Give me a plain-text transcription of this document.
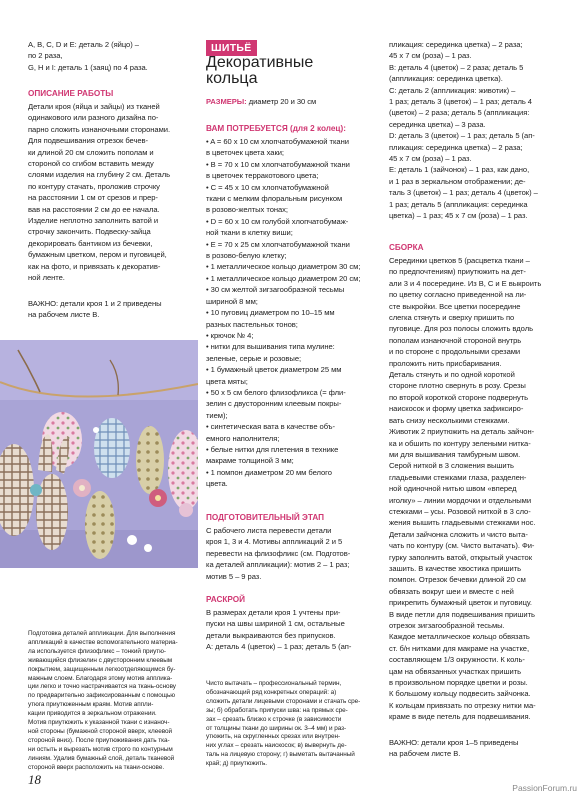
A, B, C, D и E: деталь 2 (яйцо) –
по 2 раза,
G, H и I: деталь 1 (заяц) по 4 раза.
ОПИСАНИЕ РАБОТЫ
Детали кроя (яйца и зайцы) из тканей
одинакового или разного дизайна по-
парно сложить изнаночными сторонами.
Для подвешивания отрезок бечев-
ки длиной 20 см сложить пополам и
стороной со сгибом вставить между
слоями изделия на глубину 2 см. Деталь
по контуру стачать, проложив строчку
на расстоянии 1 см от срезов и прер-
вав на расстоянии 2 см до ее начала.
Изделие неплотно заполнить ватой и
строчку закончить. Подвеску-зайца
декорировать бантиком из бечевки,
бумажным цветком, пером и пуговицей,
как на фото, и привязать к декоратив-
ной ленте.
ВАЖНО: детали кроя 1 и 2 приведены
на рабочем листе B.
Подготовка деталей аппликации. Для выполнения
аппликаций в качестве вспомогательного материа-
ла используется флизофликс – тонкий приутю-
живающийся флизелин с двусторонним клеевым
покрытием, защищенным легкоотделяющимся бу-
мажным слоем. Благодаря этому мотив апплика-
ции легко и точно настрачивается на ткань-основу
по предварительно зафиксированным с помощью
утюга приутюженным краям. Мотив аппли-
кации приводится в зеркальном отражении.
Мотив приутюжить к указанной ткани с изнаноч-
ной стороны (бумажной стороной вверх, клеевой
стороной вниз). После приутюживания дать тка-
ни остыть и вырезать мотив строго по контурным
линиям. Удалив бумажный слой, деталь тканевой
стороной вверх расположить на ткани-основе.
ШИТЬЁ
Декоративные
кольца
РАЗМЕРЫ: диаметр 20 и 30 см
ВАМ ПОТРЕБУЕТСЯ (для 2 колец):
• A = 60 x 10 см хлопчатобумажной ткани
в цветочек цвета хаки;
• B = 70 x 10 см хлопчатобумажной ткани
в цветочек терракотового цвета;
• C = 45 x 10 см хлопчатобумажной
ткани с мелким флоральным рисунком
в розово-желтых тонах;
• D = 60 x 10 см голубой хлопчатобумаж-
ной ткани в клетку виши;
• E = 70 x 25 см хлопчатобумажной ткани
в розово-белую клетку;
• 1 металлическое кольцо диаметром 30 см;
• 1 металлическое кольцо диаметром 20 см;
• 30 см желтой зигзагообразной тесьмы
шириной 8 мм;
• 10 пуговиц диаметром по 10–15 мм
разных пастельных тонов;
• крючок № 4;
• нитки для вышивания типа мулине:
зеленые, серые и розовые;
• 1 бумажный цветок диаметром 25 мм
цвета мяты;
• 50 x 5 см белого флизофликса (= фли-
зелин с двусторонним клеевым покры-
тием);
• синтетическая вата в качестве объ-
емного наполнителя;
• белые нитки для плетения в технике
макраме толщиной 3 мм;
• 1 помпон диаметром 20 мм белого
цвета.
ПОДГОТОВИТЕЛЬНЫЙ ЭТАП
С рабочего листа перевести детали
кроя 1, 3 и 4. Мотивы аппликаций 2 и 5
перевести на флизофликс (см. Подготов-
ка деталей аппликации): мотив 2 – 1 раз;
мотив 5 – 9 раз.
РАСКРОЙ
В размерах детали кроя 1 учтены при-
пуски на швы шириной 1 см, остальные
детали выкраиваются без припусков.
A: деталь 4 (цветок) – 1 раз; деталь 5 (ап-
Чисто вытачать – профессиональный термин,
обозначающий ряд конкретных операций: а)
сложить детали лицевыми сторонами и стачать сре-
зы; б) обработать припуски шва: на прямых сре-
зах – срезать близко к строчке (в зависимости
от толщины ткани до ширины ок. 3–4 мм) и раз-
утюжить, на скругленных срезах или внутрен-
них углах – срезать наискосок; в) вывернуть де-
таль на лицевую сторону; г) выметать вытачанный
край; д) приутюжить.
пликация: серединка цветка) – 2 раза;
45 x 7 см (роза) – 1 раз.
B: деталь 4 (цветок) – 2 раза; деталь 5
(аппликация: серединка цветка).
C: деталь 2 (аппликация: животик) –
1 раз; деталь 3 (цветок) – 1 раз; деталь 4
(цветок) – 2 раза; деталь 5 (аппликация:
серединка цветка) – 3 раза.
D: деталь 3 (цветок) – 1 раз; деталь 5 (ап-
пликация: серединка цветка) – 2 раза;
45 x 7 см (роза) – 1 раз.
E: деталь 1 (зайчонок) – 1 раз, как дано,
и 1 раз в зеркальном отображении; де-
таль 3 (цветок) – 1 раз; деталь 4 (цветок) –
1 раз; деталь 5 (аппликация: серединка
цветка) – 1 раз; 45 x 7 см (роза) – 1 раз.
СБОРКА
Серединки цветков 5 (расцветка ткани –
по предпочтениям) приутюжить на дет-
али 3 и 4 посередине. Из B, C и E выкроить
по цветку согласно приведенной на ли-
сте выкройки. Все цветки посередине
слегка стянуть и сверху пришить по
пуговице. Для роз полосы сложить вдоль
пополам изнаночной стороной внутрь
и по стороне с продольными срезами
проложить нить присбаривания.
Деталь стянуть и по одной короткой
стороне плотно свернуть в розу. Срезы
по второй короткой стороне подвернуть
наискосок и форму цветка зафиксиро-
вать снизу несколькими стежками.
Животик 2 приутюжить на деталь зайчон-
ка и обшить по контуру зелеными нитка-
ми для вышивания тамбурным швом.
Серой ниткой в 3 сложения вышить
гладьевыми стежками глаза, разделен-
ной одиночной нитью швом «вперед
иголку» – линии мордочки и отдельными
стежками – усы. Розовой ниткой в 3 сло-
жения вышить гладьевыми стежками нос.
Детали зайчонка сложить и чисто выта-
чать по контуру (см. Чисто вытачать). Фи-
гурку заполнить ватой, открытый участок
зашить. В качестве хвостика пришить
помпон. Отрезок бечевки длиной 20 см
обвязать вокруг шеи и вместе с ней
прикрепить бумажный цветок и пуговицу.
В виде петли для подвешивания пришить
отрезок зигзагообразной тесьмы.
Каждое металлическое кольцо обвязать
ст. б/н нитками для макраме на участке,
составляющем 1/3 окружности. К коль-
цам на обвязанных участках пришить
в произвольном порядке цветки и розы.
К большому кольцу подвесить зайчонка.
К кольцам привязать по отрезку нитки ма-
краме в виде петель для подвешивания.
ВАЖНО: детали кроя 1–5 приведены
на рабочем листе B.
18
PassionForum.ru
